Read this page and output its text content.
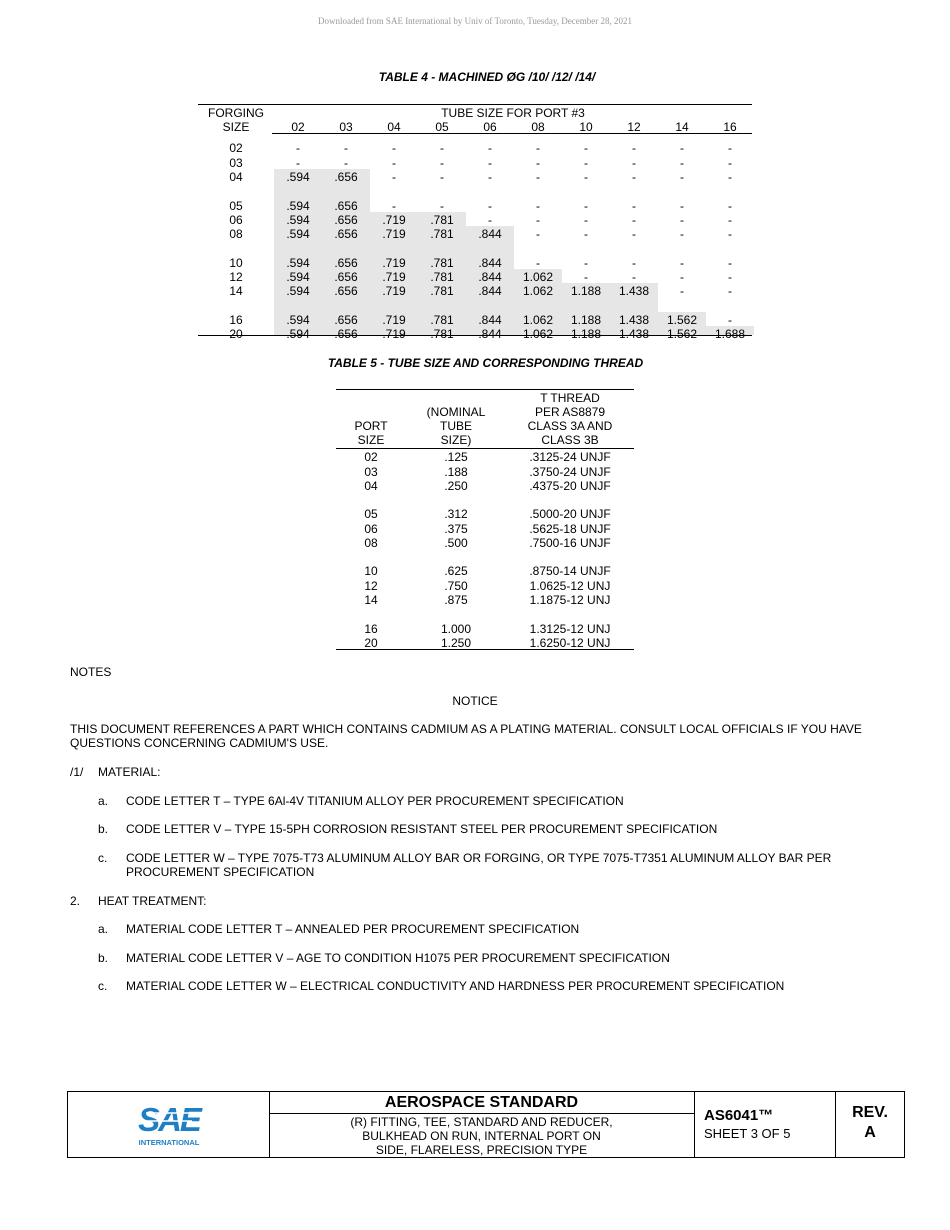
Downloaded from SAE International by Univ of Toronto, Tuesday, December 28, 2021
TABLE 4 - MACHINED ØG /10/ /12/ /14/
FORGING
SIZE
TUBE SIZE FOR PORT #3
02	03	04	05	06	08	10	12	14	16
02	-	-	-	-	-	-	-	-	-	-
03	-	-	-	-	-	-	-	-	-	-
04	.594	.656	-	-	-	-	-	-	-	-
05	.594	.656	-	-	-	-	-	-	-	-
06	.594	.656	.719	.781	-	-	-	-	-	-
08	.594	.656	.719	.781	.844	-	-	-	-	-
10	.594	.656	.719	.781	.844	-	-	-	-	-
12	.594	.656	.719	.781	.844	1.062	-	-	-	-
14	.594	.656	.719	.781	.844	1.062	1.188	1.438	-	-
16	.594	.656	.719	.781	.844	1.062	1.188	1.438	1.562	-
20	.594	.656	.719	.781	.844	1.062	1.188	1.438	1.562	1.688
TABLE 5 - TUBE SIZE AND CORRESPONDING THREAD
PORT
SIZE
(NOMINAL
TUBE
SIZE)
T THREAD
PER AS8879
CLASS 3A AND
CLASS 3B
02	.125	.3125-24 UNJF
03	.188	.3750-24 UNJF
04	.250	.4375-20 UNJF
05	.312	.5000-20 UNJF
06	.375	.5625-18 UNJF
08	.500	.7500-16 UNJF
10	.625	.8750-14 UNJF
12	.750	1.0625-12 UNJ
14	.875	1.1875-12 UNJ
16	1.000	1.3125-12 UNJ
20	1.250	1.6250-12 UNJ
NOTES
NOTICE
THIS DOCUMENT REFERENCES A PART WHICH CONTAINS CADMIUM AS A PLATING MATERIAL. CONSULT LOCAL OFFICIALS IF YOU HAVE QUESTIONS CONCERNING CADMIUM'S USE.
/1/ MATERIAL:
a. CODE LETTER T – TYPE 6Al-4V TITANIUM ALLOY PER PROCUREMENT SPECIFICATION
b. CODE LETTER V – TYPE 15-5PH CORROSION RESISTANT STEEL PER PROCUREMENT SPECIFICATION
c. CODE LETTER W – TYPE 7075-T73 ALUMINUM ALLOY BAR OR FORGING, OR TYPE 7075-T7351 ALUMINUM ALLOY BAR PER PROCUREMENT SPECIFICATION
2. HEAT TREATMENT:
a. MATERIAL CODE LETTER T – ANNEALED PER PROCUREMENT SPECIFICATION
b. MATERIAL CODE LETTER V – AGE TO CONDITION H1075 PER PROCUREMENT SPECIFICATION
c. MATERIAL CODE LETTER W – ELECTRICAL CONDUCTIVITY AND HARDNESS PER PROCUREMENT SPECIFICATION
SAE
INTERNATIONAL
AEROSPACE STANDARD
(R) FITTING, TEE, STANDARD AND REDUCER,
BULKHEAD ON RUN, INTERNAL PORT ON
SIDE, FLARELESS, PRECISION TYPE
AS6041™
SHEET 3 OF 5
REV.
A
